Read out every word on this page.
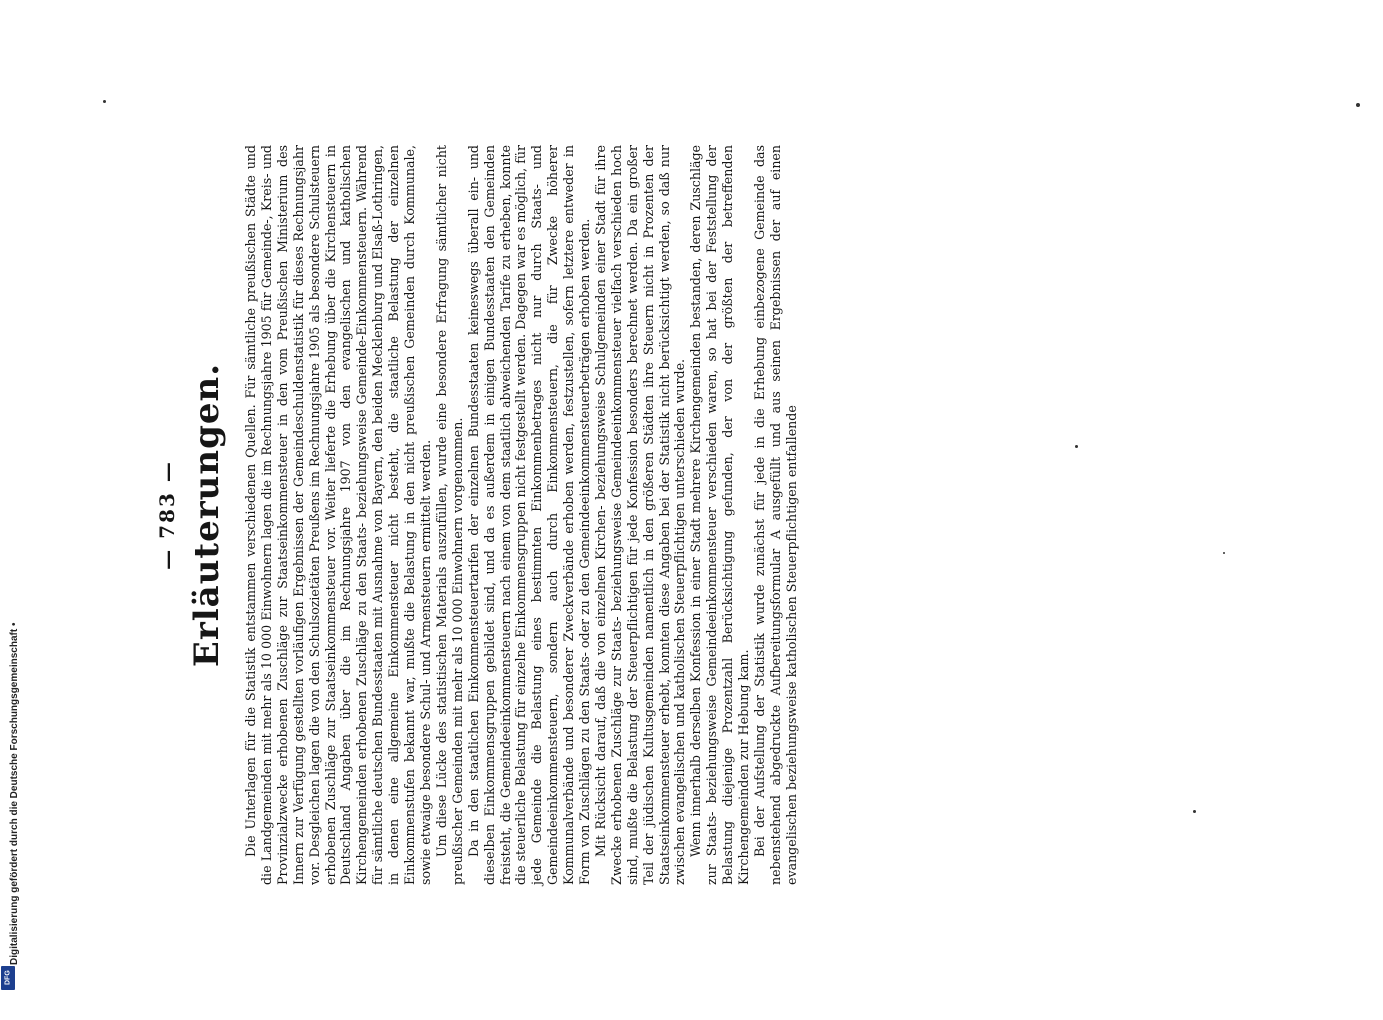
Digitalisierung gefördert durch die Deutsche Forschungsgemeinschaft •
DFG
— 783 — Erläuterungen. Die Unterlagen für die Statistik entstammen verschiedenen Quellen. Für sämtliche preußischen Städte und die Landgemeinden mit mehr als 10 000 Einwohnern lagen die im Rechnungsjahre 1905 für Gemeinde-, Kreis- und Provinzialzwecke erhobenen Zuschläge zur Staatseinkommensteuer in den vom Preußischen Ministerium des Innern zur Verfügung gestellten vorläufigen Ergebnissen der Gemeindeschuldenstatistik für dieses Rechnungsjahr vor. Desgleichen lagen die von den Schulsozietäten Preußens im Rechnungsjahre 1905 als besondere Schulsteuern erhobenen Zuschläge zur Staatseinkommensteuer vor. Weiter lieferte die Erhebung über die Kirchensteuern in Deutschland Angaben über die im Rechnungsjahre 1907 von den evangelischen und katholischen Kirchengemeinden erhobenen Zuschläge zu den Staats- beziehungsweise Gemeinde-Einkommensteuern. Während für sämtliche deutschen Bundesstaaten mit Ausnahme von Bayern, den beiden Mecklenburg und Elsaß-Lothringen, in denen eine allgemeine Einkommensteuer nicht besteht, die staatliche Belastung der einzelnen Einkommenstufen bekannt war, mußte die Belastung in den nicht preußischen Gemeinden durch Kommunale, sowie etwaige besondere Schul- und Armensteuern ermittelt werden. Um diese Lücke des statistischen Materials auszufüllen, wurde eine besondere Erfragung sämtlicher nicht preußischer Gemeinden mit mehr als 10 000 Einwohnern vorgenommen. Da in den staatlichen Einkommensteuertarifen der einzelnen Bundesstaaten keineswegs überall ein- und dieselben Einkommensgruppen gebildet sind, und da es außerdem in einigen Bundesstaaten den Gemeinden freisteht, die Gemeindeeinkommensteuern nach einem von dem staatlich abweichenden Tarife zu erheben, konnte die steuerliche Belastung für einzelne Einkommensgruppen nicht festgestellt werden. Dagegen war es möglich, für jede Gemeinde die Belastung eines bestimmten Einkommenbetrages nicht nur durch Staats- und Gemeindeeinkommensteuern, sondern auch durch Einkommensteuern, die für Zwecke höherer Kommunalverbände und besonderer Zweckverbände erhoben werden, festzustellen, sofern letztere entweder in Form von Zuschlägen zu den Staats- oder zu den Gemeindeeinkommensteuerbeträgen erhoben werden. Mit Rücksicht darauf, daß die von einzelnen Kirchen- beziehungsweise Schulgemeinden einer Stadt für ihre Zwecke erhobenen Zuschläge zur Staats- beziehungsweise Gemeindeeinkommensteuer vielfach verschieden hoch sind, mußte die Belastung der Steuerpflichtigen für jede Konfession besonders berechnet werden. Da ein großer Teil der jüdischen Kultusgemeinden namentlich in den größeren Städten ihre Steuern nicht in Prozenten der Staatseinkommensteuer erhebt, konnten diese Angaben bei der Statistik nicht berücksichtigt werden, so daß nur zwischen evangelischen und katholischen Steuerpflichtigen unterschieden wurde. Wenn innerhalb derselben Konfession in einer Stadt mehrere Kirchengemeinden bestanden, deren Zuschläge zur Staats- beziehungsweise Gemeindeeinkommensteuer verschieden waren, so hat bei der Feststellung der Belastung diejenige Prozentzahl Berücksichtigung gefunden, der von der größten der betreffenden Kirchengemeinden zur Hebung kam. Bei der Aufstellung der Statistik wurde zunächst für jede in die Erhebung einbezogene Gemeinde das nebenstehend abgedruckte Aufbereitungsformular A ausgefüllt und aus seinen Ergebnissen der auf einen evangelischen beziehungsweise katholischen Steuerpflichtigen entfallende
